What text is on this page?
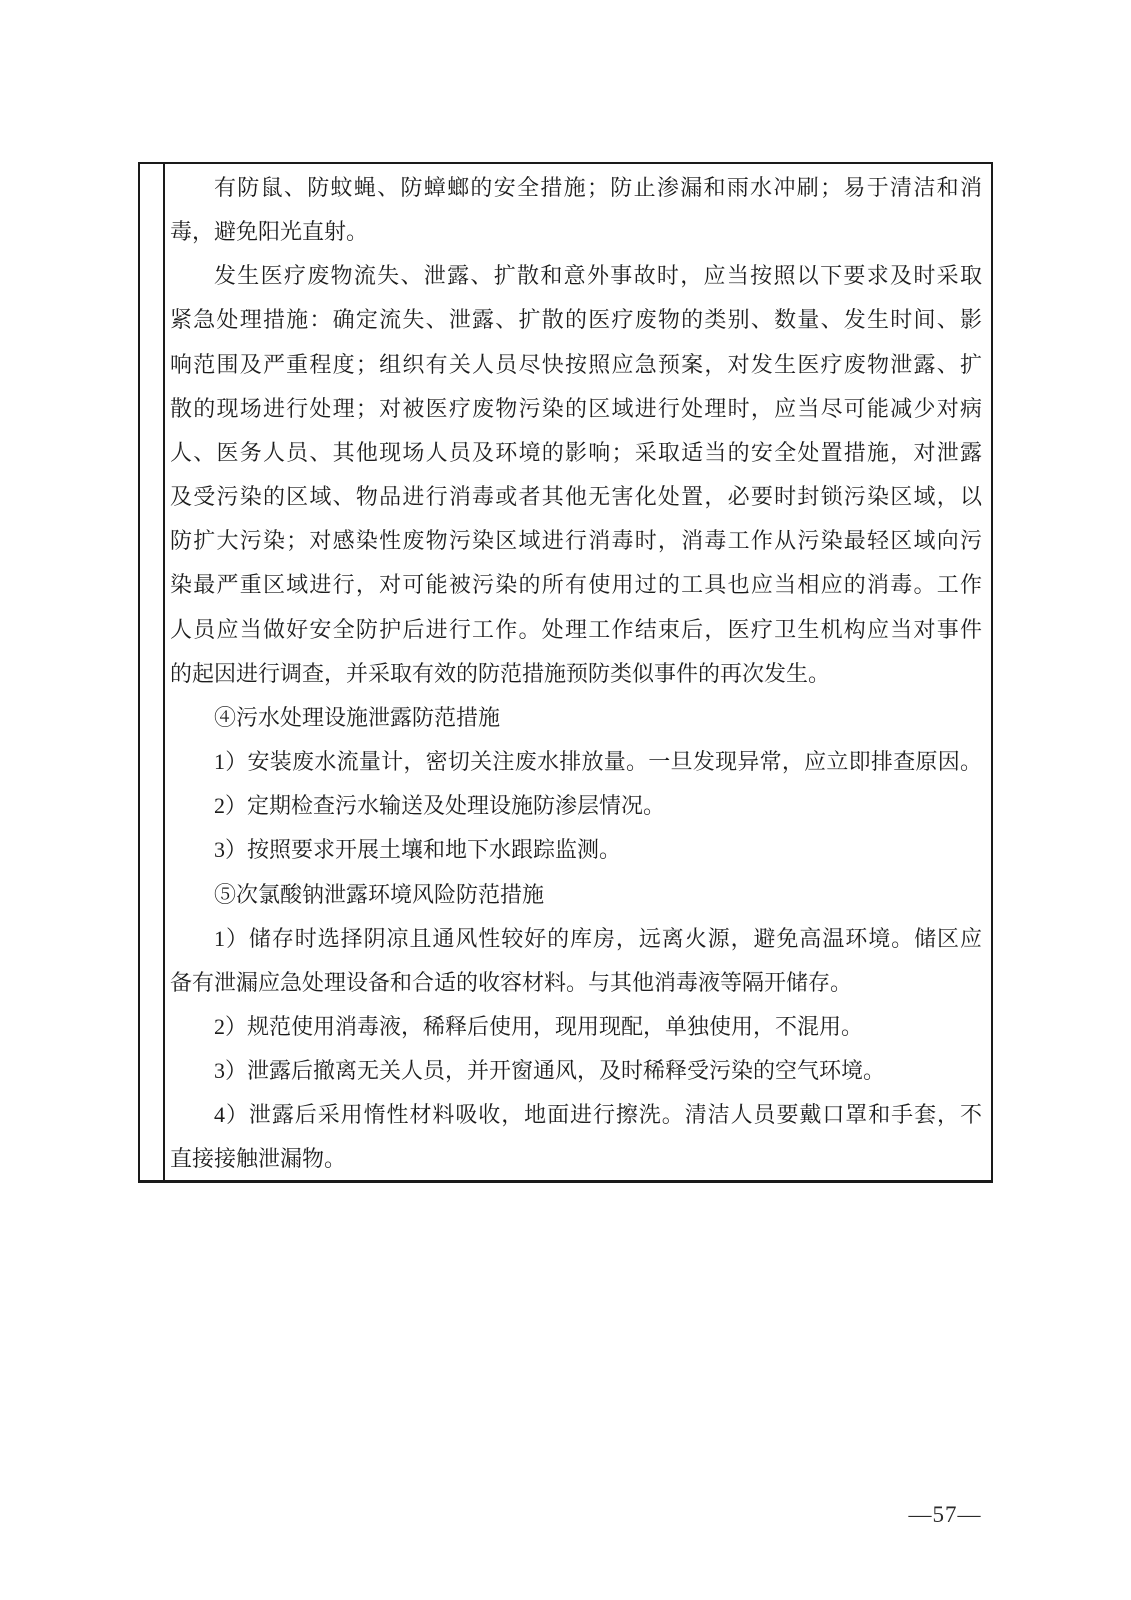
有防鼠、防蚊蝇、防蟑螂的安全措施；防止渗漏和雨水冲刷；易于清洁和消
毒，避免阳光直射。
发生医疗废物流失、泄露、扩散和意外事故时，应当按照以下要求及时采取
紧急处理措施：确定流失、泄露、扩散的医疗废物的类别、数量、发生时间、影
响范围及严重程度；组织有关人员尽快按照应急预案，对发生医疗废物泄露、扩
散的现场进行处理；对被医疗废物污染的区域进行处理时，应当尽可能减少对病
人、医务人员、其他现场人员及环境的影响；采取适当的安全处置措施，对泄露
及受污染的区域、物品进行消毒或者其他无害化处置，必要时封锁污染区域，以
防扩大污染；对感染性废物污染区域进行消毒时，消毒工作从污染最轻区域向污
染最严重区域进行，对可能被污染的所有使用过的工具也应当相应的消毒。工作
人员应当做好安全防护后进行工作。处理工作结束后，医疗卫生机构应当对事件
的起因进行调查，并采取有效的防范措施预防类似事件的再次发生。
④污水处理设施泄露防范措施
1）安装废水流量计，密切关注废水排放量。一旦发现异常，应立即排查原因。
2）定期检查污水输送及处理设施防渗层情况。
3）按照要求开展土壤和地下水跟踪监测。
⑤次氯酸钠泄露环境风险防范措施
1）储存时选择阴凉且通风性较好的库房，远离火源，避免高温环境。储区应
备有泄漏应急处理设备和合适的收容材料。与其他消毒液等隔开储存。
2）规范使用消毒液，稀释后使用，现用现配，单独使用，不混用。
3）泄露后撤离无关人员，并开窗通风，及时稀释受污染的空气环境。
4）泄露后采用惰性材料吸收，地面进行擦洗。清洁人员要戴口罩和手套，不
直接接触泄漏物。
—57—
